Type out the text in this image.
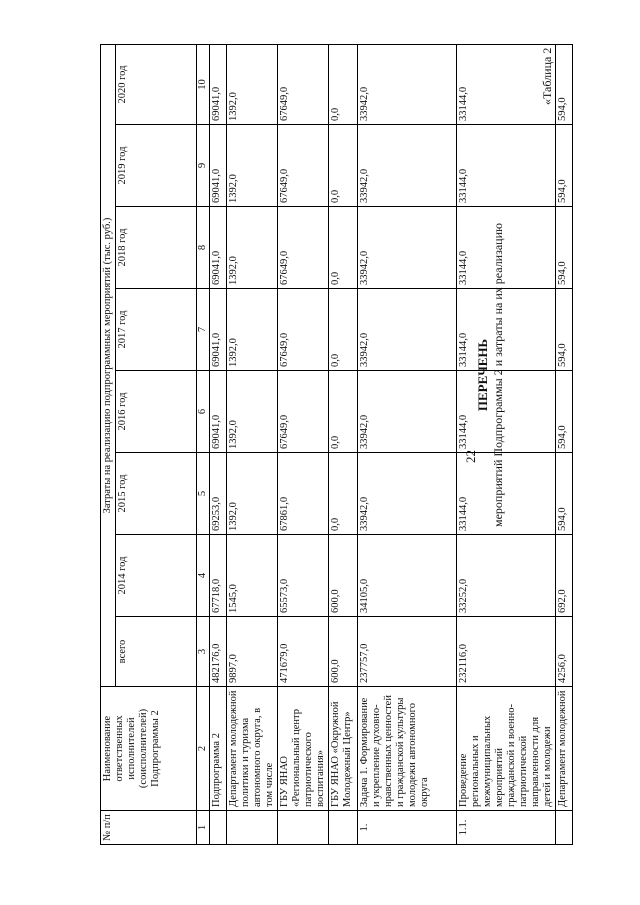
22
«Таблица 2
ПЕРЕЧЕНЬ мероприятий Подпрограммы 2 и затраты на их реализацию
№ п/п	Наименование ответственных исполнителей (соисполнителей) Подпрограммы 2	Затраты на реализацию подпрограммных мероприятий (тыс. руб.)							
		всего	2014 год	2015 год	2016 год	2017 год	2018 год	2019 год	2020 год
1	2	3	4	5	6	7	8	9	10
	Подпрограмма 2	482176,0	67718,0	69253,0	69041,0	69041,0	69041,0	69041,0	69041,0
	Департамент молодежной политики и туризма автономного округа, в том числе	9897,0	1545,0	1392,0	1392,0	1392,0	1392,0	1392,0	1392,0
	ГБУ ЯНАО «Региональный центр патриотического воспитания»	471679,0	65573,0	67861,0	67649,0	67649,0	67649,0	67649,0	67649,0
	ГБУ ЯНАО «Окружной Молодежный Центр»	600,0	600,0	0,0	0,0	0,0	0,0	0,0	0,0
1.	Задача 1. Формирование и укрепление духовно-нравственных ценностей и гражданской культуры молодежи автономного округа	237757,0	34105,0	33942,0	33942,0	33942,0	33942,0	33942,0	33942,0
1.1.	Проведение региональных и межмуниципальных мероприятий гражданской и военно-патриотической направленности для детей и молодежи	232116,0	33252,0	33144,0	33144,0	33144,0	33144,0	33144,0	33144,0
	Департамент молодежной	4256,0	692,0	594,0	594,0	594,0	594,0	594,0	594,0
